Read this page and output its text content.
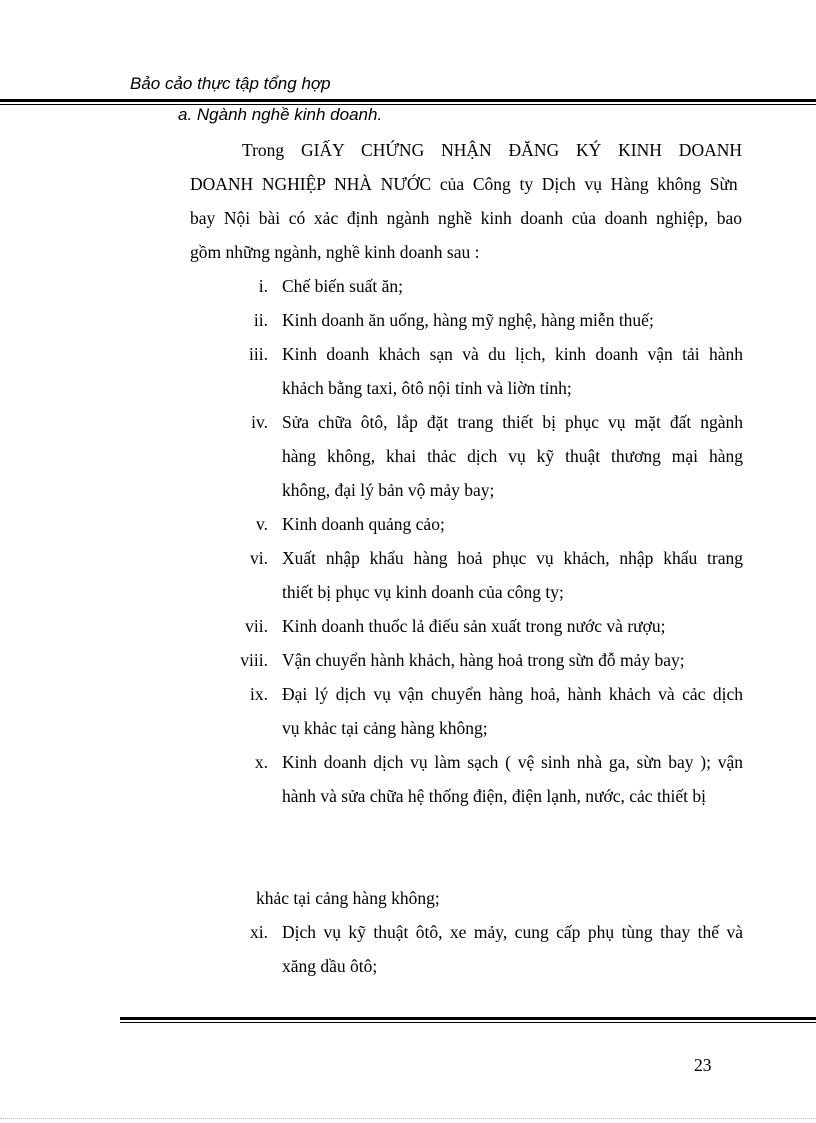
Bảo cảo thực tập tổng hợp
a. Ngành nghề kinh doanh.
Trong GIẤY CHỨNG NHẬN ĐĂNG KÝ KINH DOANH
DOANH NGHIỆP NHÀ NƯỚC của Công ty Dịch vụ Hàng không Sừn
bay Nội bài có xảc định ngành nghề kinh doanh của doanh nghiệp, bao
gồm những ngành, nghề kinh doanh sau :
i. Chế biến suất ăn;
ii. Kinh doanh ăn uống, hàng mỹ nghệ, hàng miễn thuế;
iii. Kinh doanh khảch sạn và du lịch, kinh doanh vận tải hành
khảch bằng taxi, ôtô nội tỉnh và liờn tỉnh;
iv. Sửa chữa ôtô, lắp đặt trang thiết bị phục vụ mặt đất ngành
hàng không, khai thảc dịch vụ kỹ thuật thương mại hàng
không, đại lý bản vộ mảy bay;
v. Kinh doanh quảng cảo;
vi. Xuất nhập khẩu hàng hoả phục vụ khảch, nhập khẩu trang
thiết bị phục vụ kinh doanh của công ty;
vii. Kinh doanh thuốc lả điếu sản xuất trong nước và rượu;
viii. Vận chuyển hành khảch, hàng hoả trong sừn đỗ mảy bay;
ix. Đại lý dịch vụ vận chuyển hàng hoả, hành khảch và cảc dịch
vụ khảc tại cảng hàng không;
x. Kinh doanh dịch vụ làm sạch ( vệ sinh nhà ga, sừn bay ); vận
hành và sửa chữa hệ thống điện, điện lạnh, nước, cảc thiết bị
khảc tại cảng hàng không;
xi. Dịch vụ kỹ thuật ôtô, xe mảy, cung cấp phụ tùng thay thế và
xăng dầu ôtô;
23
